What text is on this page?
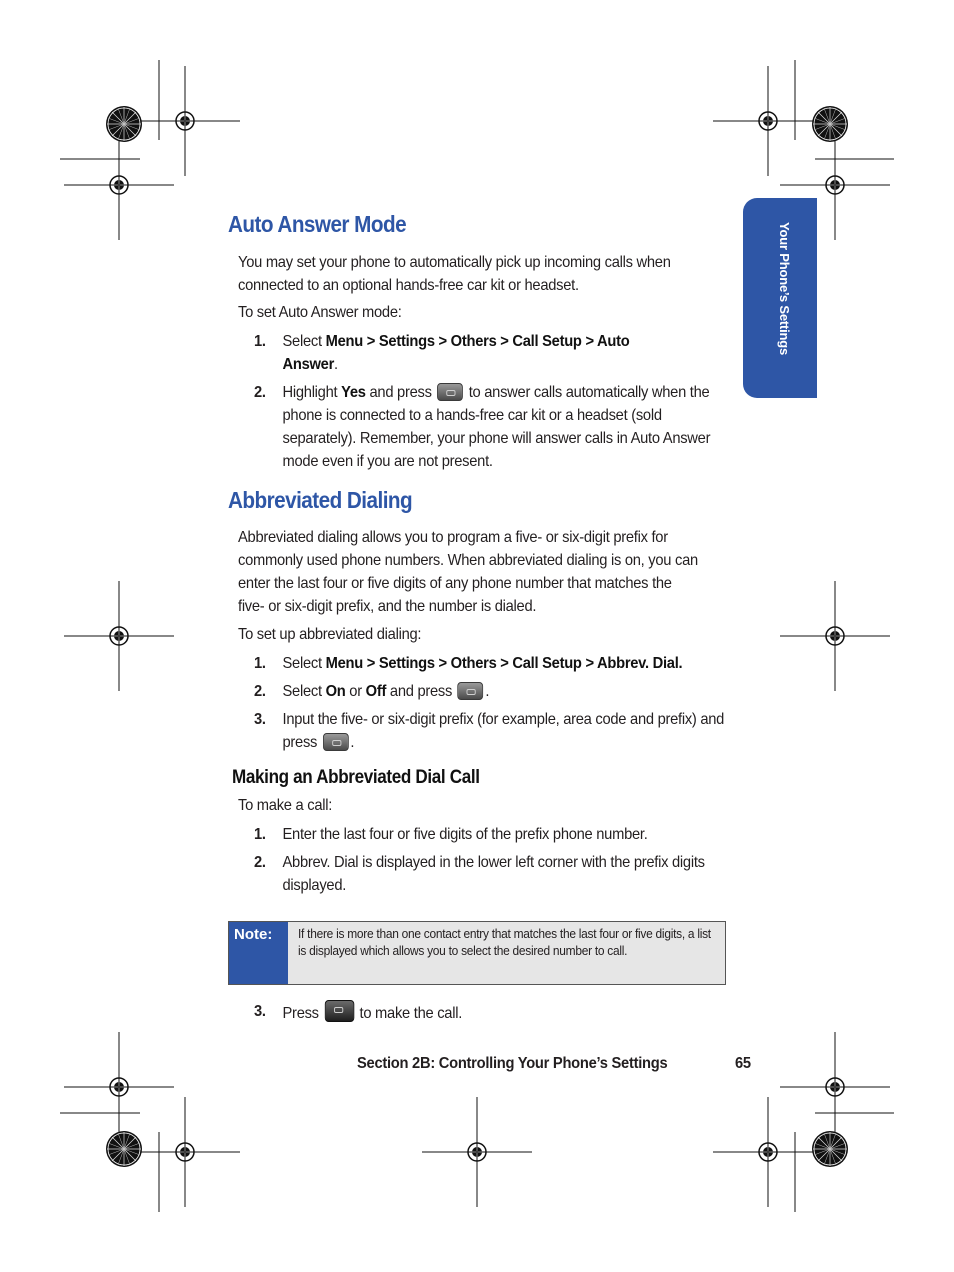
Your Phone’s Settings
Auto Answer Mode
You may set your phone to automatically pick up incoming calls when connected to an optional hands-free car kit or headset.
To set Auto Answer mode:
1. Select Menu > Settings > Others > Call Setup > Auto Answer.
2. Highlight Yes and press  to answer calls automatically when the phone is connected to a hands-free car kit or a headset (sold separately). Remember, your phone will answer calls in Auto Answer mode even if you are not present.
Abbreviated Dialing
Abbreviated dialing allows you to program a five- or six-digit prefix for commonly used phone numbers. When abbreviated dialing is on, you can enter the last four or five digits of any phone number that matches the five- or six-digit prefix, and the number is dialed.
To set up abbreviated dialing:
1. Select Menu > Settings > Others > Call Setup > Abbrev. Dial.
2. Select On or Off and press .
3. Input the five- or six-digit prefix (for example, area code and prefix) and press .
Making an Abbreviated Dial Call
To make a call:
1. Enter the last four or five digits of the prefix phone number.
2. Abbrev. Dial is displayed in the lower left corner with the prefix digits displayed.
Note:	If there is more than one contact entry that matches the last four or five digits, a list is displayed which allows you to select the desired number to call.
3. Press  to make the call.
Section 2B: Controlling Your Phone’s Settings	65
